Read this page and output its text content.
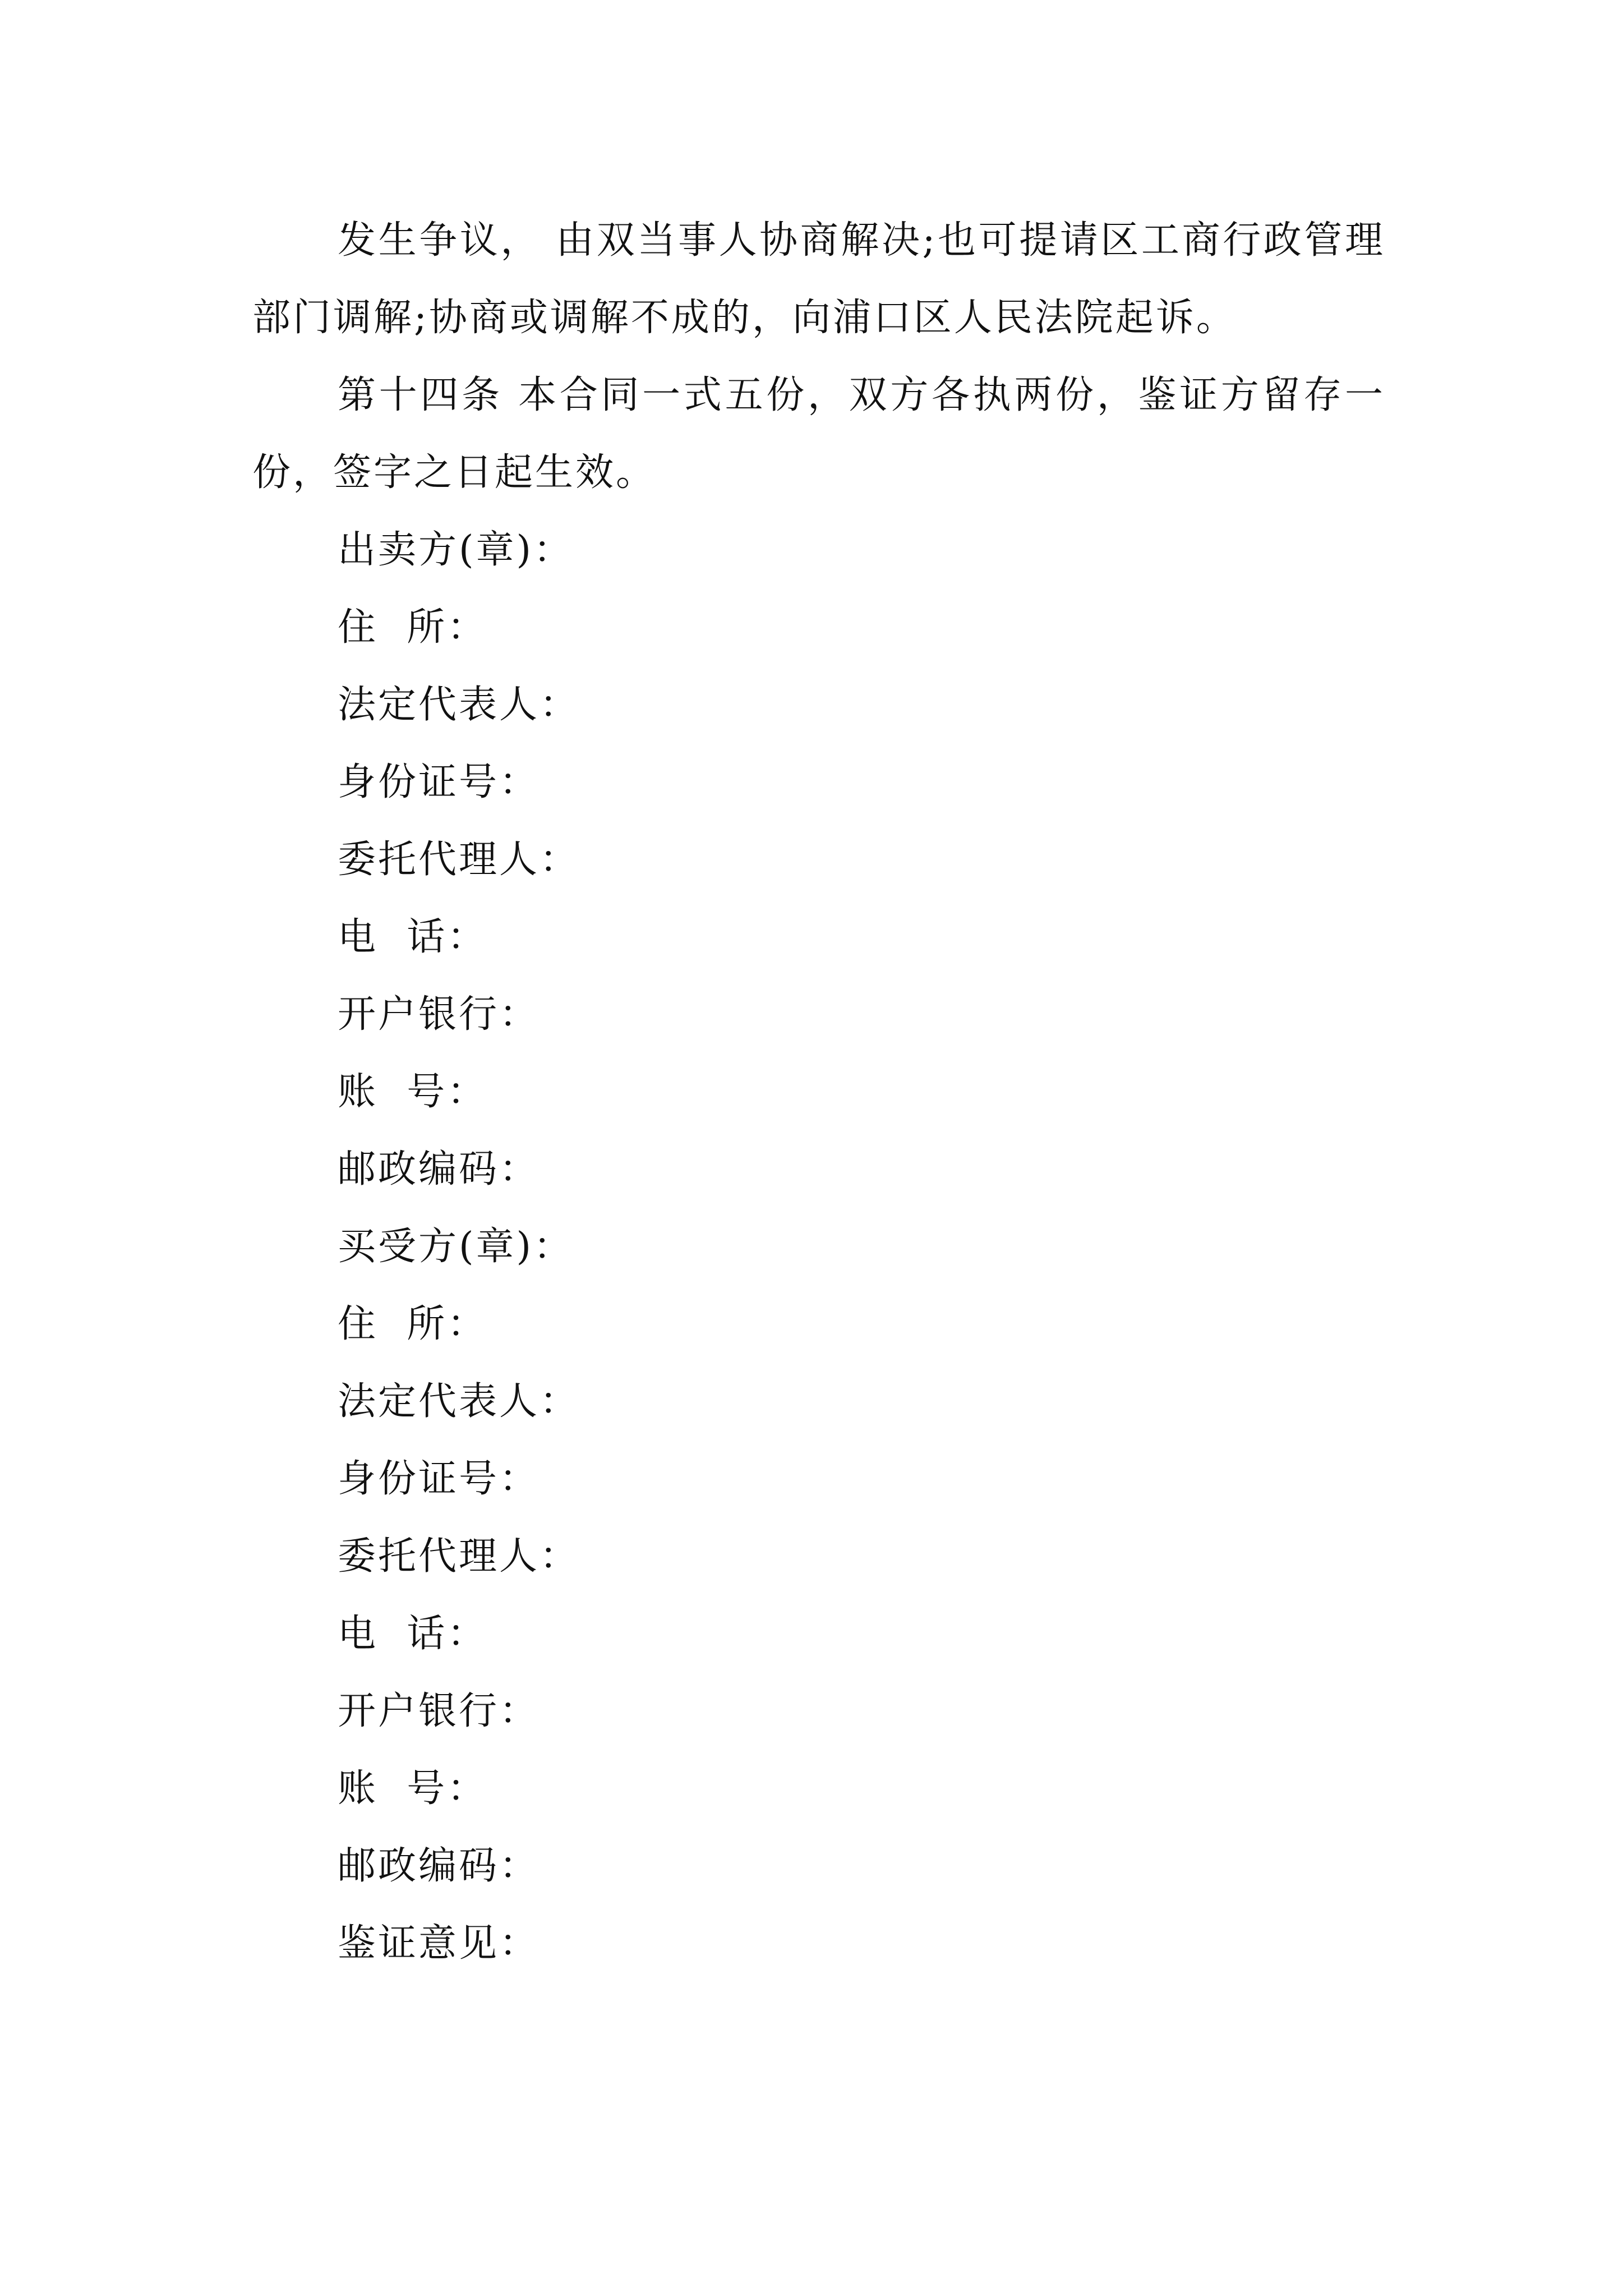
发生争议， 由双当事人协商解决;也可提请区工商行政管理部门调解;协商或调解不成的，向浦口区人民法院起诉。

第十四条 本合同一式五份，双方各执两份，鉴证方留存一份，签字之日起生效。

出卖方(章)：

住  所：

法定代表人：

身份证号：

委托代理人：

电  话：

开户银行：

账  号：

邮政编码：

买受方(章)：

住  所：

法定代表人：

身份证号：

委托代理人：

电  话：

开户银行：

账  号：

邮政编码：

鉴证意见：
